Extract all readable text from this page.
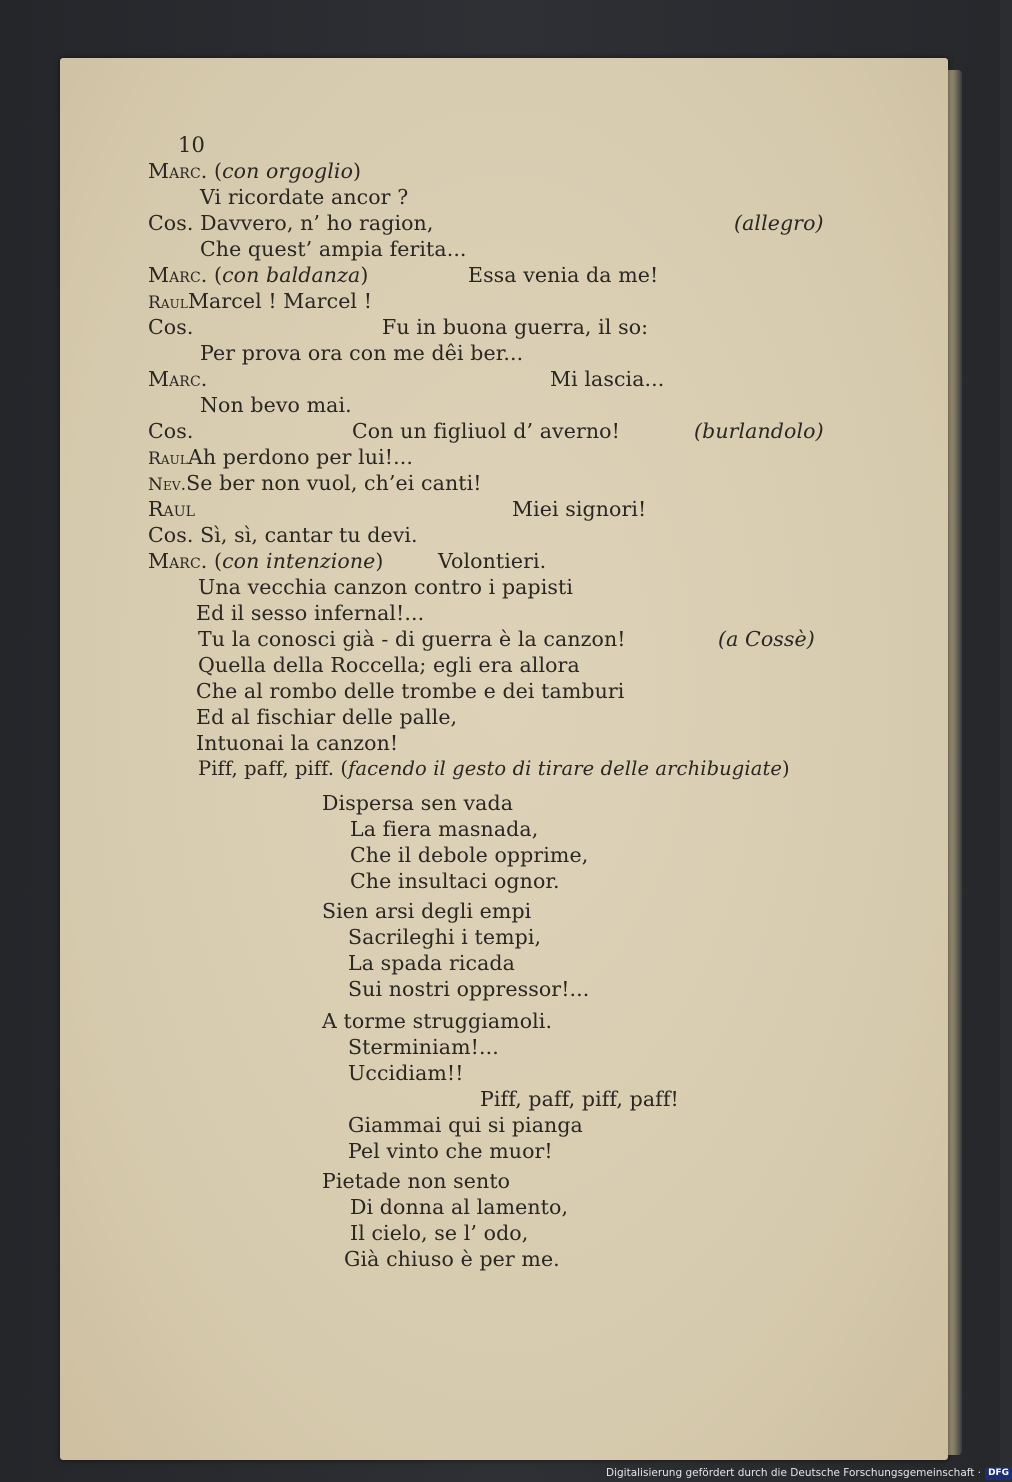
10
Marc. (con orgoglio)
Vi ricordate ancor ?
Cos. Davvero, n’ ho ragion,	(allegro)
Che quest’ ampia ferita...
Marc. (con baldanza)	Essa venia da me!
RaulMarcel ! Marcel !
Cos.	Fu in buona guerra, il so:
Per prova ora con me dêi ber...
Marc.	Mi lascia...
Non bevo mai.
Cos.	Con un figliuol d’ averno!	(burlandolo)
RaulAh perdono per lui!...
Nev.Se ber non vuol, ch’ei canti!
Raul	Miei signori!
Cos. Sì, sì, cantar tu devi.
Marc. (con intenzione)	Volontieri.
Una vecchia canzon contro i papisti
Ed il sesso infernal!...
Tu la conosci già - di guerra è la canzon!	(a Cossè)
Quella della Roccella; egli era allora
Che al rombo delle trombe e dei tamburi
Ed al fischiar delle palle,
Intuonai la canzon!
Piff, paff, piff. (facendo il gesto di tirare delle archibugiate)
Dispersa sen vada
La fiera masnada,
Che il debole opprime,
Che insultaci ognor.
Sien arsi degli empi
Sacrileghi i tempi,
La spada ricada
Sui nostri oppressor!...
A torme struggiamoli.
Sterminiam!...
Uccidiam!!
Piff, paff, piff, paff!
Giammai qui si pianga
Pel vinto che muor!
Pietade non sento
Di donna al lamento,
Il cielo, se l’ odo,
Già chiuso è per me.
Digitalisierung gefördert durch die Deutsche Forschungsgemeinschaft · DFG
